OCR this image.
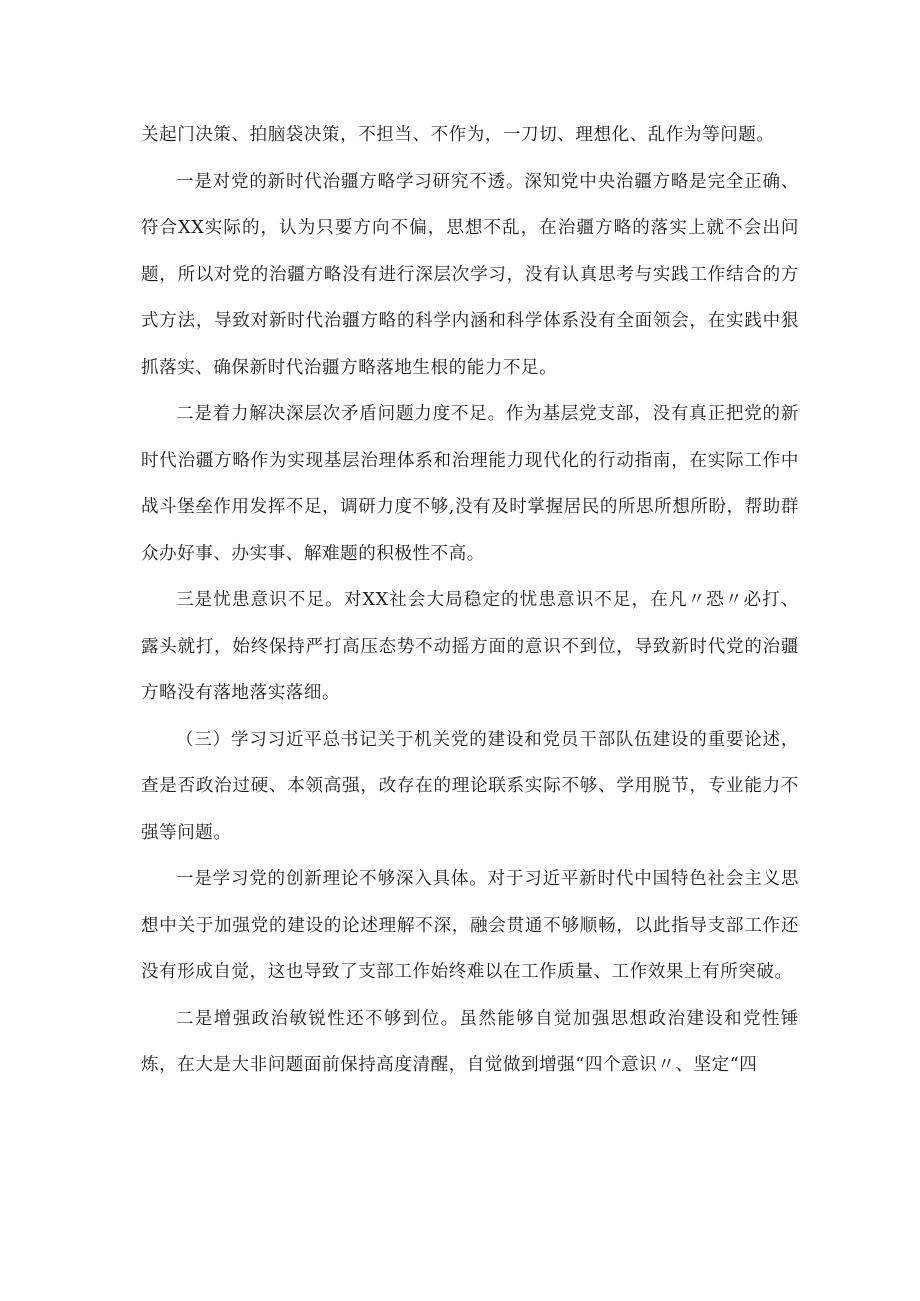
关起门决策、拍脑袋决策，不担当、不作为，一刀切、理想化、乱作为等问题。

一是对党的新时代治疆方略学习研究不透。深知党中央治疆方略是完全正确、符合XX实际的，认为只要方向不偏，思想不乱，在治疆方略的落实上就不会出问题，所以对党的治疆方略没有进行深层次学习，没有认真思考与实践工作结合的方式方法，导致对新时代治疆方略的科学内涵和科学体系没有全面领会，在实践中狠抓落实、确保新时代治疆方略落地生根的能力不足。

二是着力解决深层次矛盾问题力度不足。作为基层党支部，没有真正把党的新时代治疆方略作为实现基层治理体系和治理能力现代化的行动指南，在实际工作中战斗堡垒作用发挥不足，调研力度不够,没有及时掌握居民的所思所想所盼，帮助群众办好事、办实事、解难题的积极性不高。

三是忧患意识不足。对XX社会大局稳定的忧患意识不足，在凡〃恐〃必打、露头就打，始终保持严打高压态势不动摇方面的意识不到位，导致新时代党的治疆方略没有落地落实落细。

（三）学习习近平总书记关于机关党的建设和党员干部队伍建设的重要论述，查是否政治过硬、本领高强，改存在的理论联系实际不够、学用脱节，专业能力不强等问题。

一是学习党的创新理论不够深入具体。对于习近平新时代中国特色社会主义思想中关于加强党的建设的论述理解不深，融会贯通不够顺畅，以此指导支部工作还没有形成自觉，这也导致了支部工作始终难以在工作质量、工作效果上有所突破。

二是增强政治敏锐性还不够到位。虽然能够自觉加强思想政治建设和党性锤炼，在大是大非问题面前保持高度清醒，自觉做到增强“四个意识〃、坚定“四
